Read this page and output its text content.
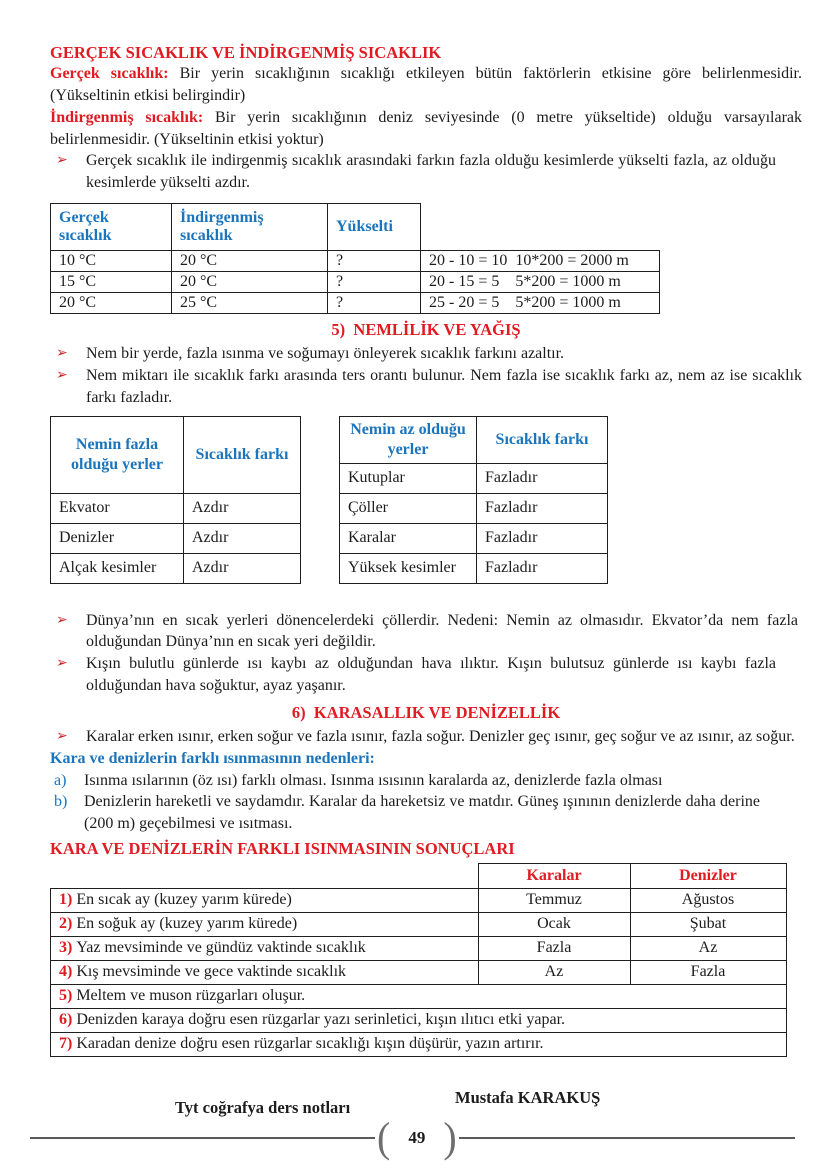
GERÇEK SICAKLIK VE İNDİRGENMİŞ SICAKLIK

Gerçek sıcaklık: Bir yerin sıcaklığının sıcaklığı etkileyen bütün faktörlerin etkisine göre belirlenmesidir. (Yükseltinin etkisi belirgindir)

İndirgenmiş sıcaklık: Bir yerin sıcaklığının deniz seviyesinde (0 metre yükseltide) olduğu varsayılarak belirlenmesidir. (Yükseltinin etkisi yoktur)

➢	Gerçek sıcaklık ile indirgenmiş sıcaklık arasındaki farkın fazla olduğu kesimlerde yükselti fazla, az olduğu kesimlerde yükselti azdır.
Gerçek sıcaklık	İndirgenmiş sıcaklık	Yükselti	
10 °C	20 °C	?	20 - 10 = 10  10*200 = 2000 m
15 °C	20 °C	?	20 - 15 = 5    5*200 = 1000 m
20 °C	25 °C	?	25 - 20 = 5    5*200 = 1000 m
5)  NEMLİLİK VE YAĞIŞ
➢	Nem bir yerde, fazla ısınma ve soğumayı önleyerek sıcaklık farkını azaltır.
➢	Nem miktarı ile sıcaklık farkı arasında ters orantı bulunur. Nem fazla ise sıcaklık farkı az, nem az ise sıcaklık farkı fazladır.
Nemin fazla olduğu yerler	Sıcaklık farkı
Ekvator	Azdır
Denizler	Azdır
Alçak kesimler	Azdır
Nemin az olduğu yerler	Sıcaklık farkı
Kutuplar	Fazladır
Çöller	Fazladır
Karalar	Fazladır
Yüksek kesimler	Fazladır
➢	Dünya’nın en sıcak yerleri dönencelerdeki çöllerdir. Nedeni: Nemin az olmasıdır. Ekvator’da nem fazla olduğundan Dünya’nın en sıcak yeri değildir.
➢	Kışın bulutlu günlerde ısı kaybı az olduğundan hava ılıktır. Kışın bulutsuz günlerde ısı kaybı fazla olduğundan hava soğuktur, ayaz yaşanır.
6)  KARASALLIK VE DENİZELLİK
➢	Karalar erken ısınır, erken soğur ve fazla ısınır, fazla soğur. Denizler geç ısınır, geç soğur ve az ısınır, az soğur.
Kara ve denizlerin farklı ısınmasının nedenleri:
a)	Isınma ısılarının (öz ısı) farklı olması. Isınma ısısının karalarda az, denizlerde fazla olması
b)	Denizlerin hareketli ve saydamdır. Karalar da hareketsiz ve matdır. Güneş ışınının denizlerde daha derine (200 m) geçebilmesi ve ısıtması.
KARA VE DENİZLERİN FARKLI ISINMASININ SONUÇLARI
	Karalar	Denizler
1) En sıcak ay (kuzey yarım kürede)	Temmuz	Ağustos
2) En soğuk ay (kuzey yarım kürede)	Ocak	Şubat
3) Yaz mevsiminde ve gündüz vaktinde sıcaklık	Fazla	Az
4) Kış mevsiminde ve gece vaktinde sıcaklık	Az	Fazla
5) Meltem ve muson rüzgarları oluşur.		
6) Denizden karaya doğru esen rüzgarlar yazı serinletici, kışın ılıtıcı etki yapar.		
7) Karadan denize doğru esen rüzgarlar sıcaklığı kışın düşürür, yazın artırır.		
Tyt coğrafya ders notları
Mustafa KARAKUŞ
( 49 )
